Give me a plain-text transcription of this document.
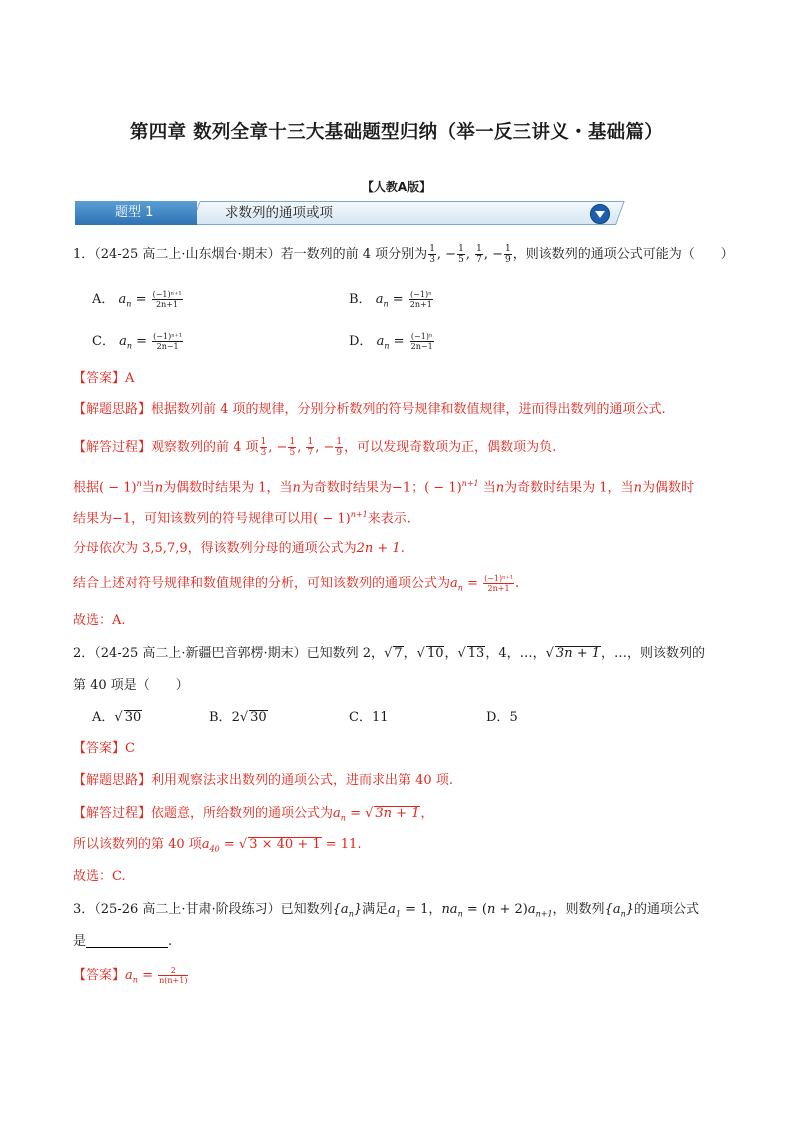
第四章 数列全章十三大基础题型归纳（举一反三讲义・基础篇）
【人教A版】
题型 1	求数列的通项或项
1．（24-25 高二上·山东烟台·期末）若一数列的前 4 项分别为 $\frac{1}{3}$, − $\frac{1}{5}$, $\frac{1}{7}$, − $\frac{1}{9}$，则该数列的通项公式可能为（　　）
A． $a_n = \frac{\text{(−1)ⁿ⁺¹}}{2n+1}$	B． $a_n = \frac{\text{(−1)ⁿ}}{2n+1}$
C． $a_n = \frac{\text{(−1)ⁿ⁺¹}}{2n-1}$	D． $a_n = \frac{\text{(−1)ⁿ}}{2n-1}$
【答案】A
【解题思路】根据数列前 4 项的规律，分别分析数列的符号规律和数值规律，进而得出数列的通项公式.
【解答过程】观察数列的前 4 项 $\frac{1}{3}$, − $\frac{1}{5}$, $\frac{1}{7}$, − $\frac{1}{9}$，可以发现奇数项为正，偶数项为负.
根据( − 1)$^n$当n为偶数时结果为 1，当n为奇数时结果为−1；( − 1)$^{n+1}$ 当n为奇数时结果为 1，当n为偶数时
结果为−1，可知该数列的符号规律可以用( − 1)$^{n+1}$来表示.
分母依次为 3,5,7,9，得该数列分母的通项公式为2n + 1.
结合上述对符号规律和数值规律的分析，可知该数列的通项公式为$a_n = \frac{\text{(−1)ⁿ⁺¹}}{2n+1}$ .
故选：A.
2．（24-25 高二上·新疆巴音郭楞·期末）已知数列 2，√ 7，√ 10，√ 13，4，…，√ 3n + 1，…，则该数列的
第 40 项是（　　）
A．√ 30	B．2√ 30	C．11	D．5
【答案】C
【解题思路】利用观察法求出数列的通项公式，进而求出第 40 项.
【解答过程】依题意，所给数列的通项公式为$a_n$ = √ 3n + 1，
所以该数列的第 40 项$a_{40}$ = √ 3 × 40 + 1 = 11.
故选：C.
3．（25-26 高二上·甘肃·阶段练习）已知数列$\{a_n\}$满足$a_1 = 1$，$na_n = (n + 2)a_{n+1}$，则数列$\{a_n\}$的通项公式
是	.
【答案】$a_n = \frac{2}{n(n+1)}$
